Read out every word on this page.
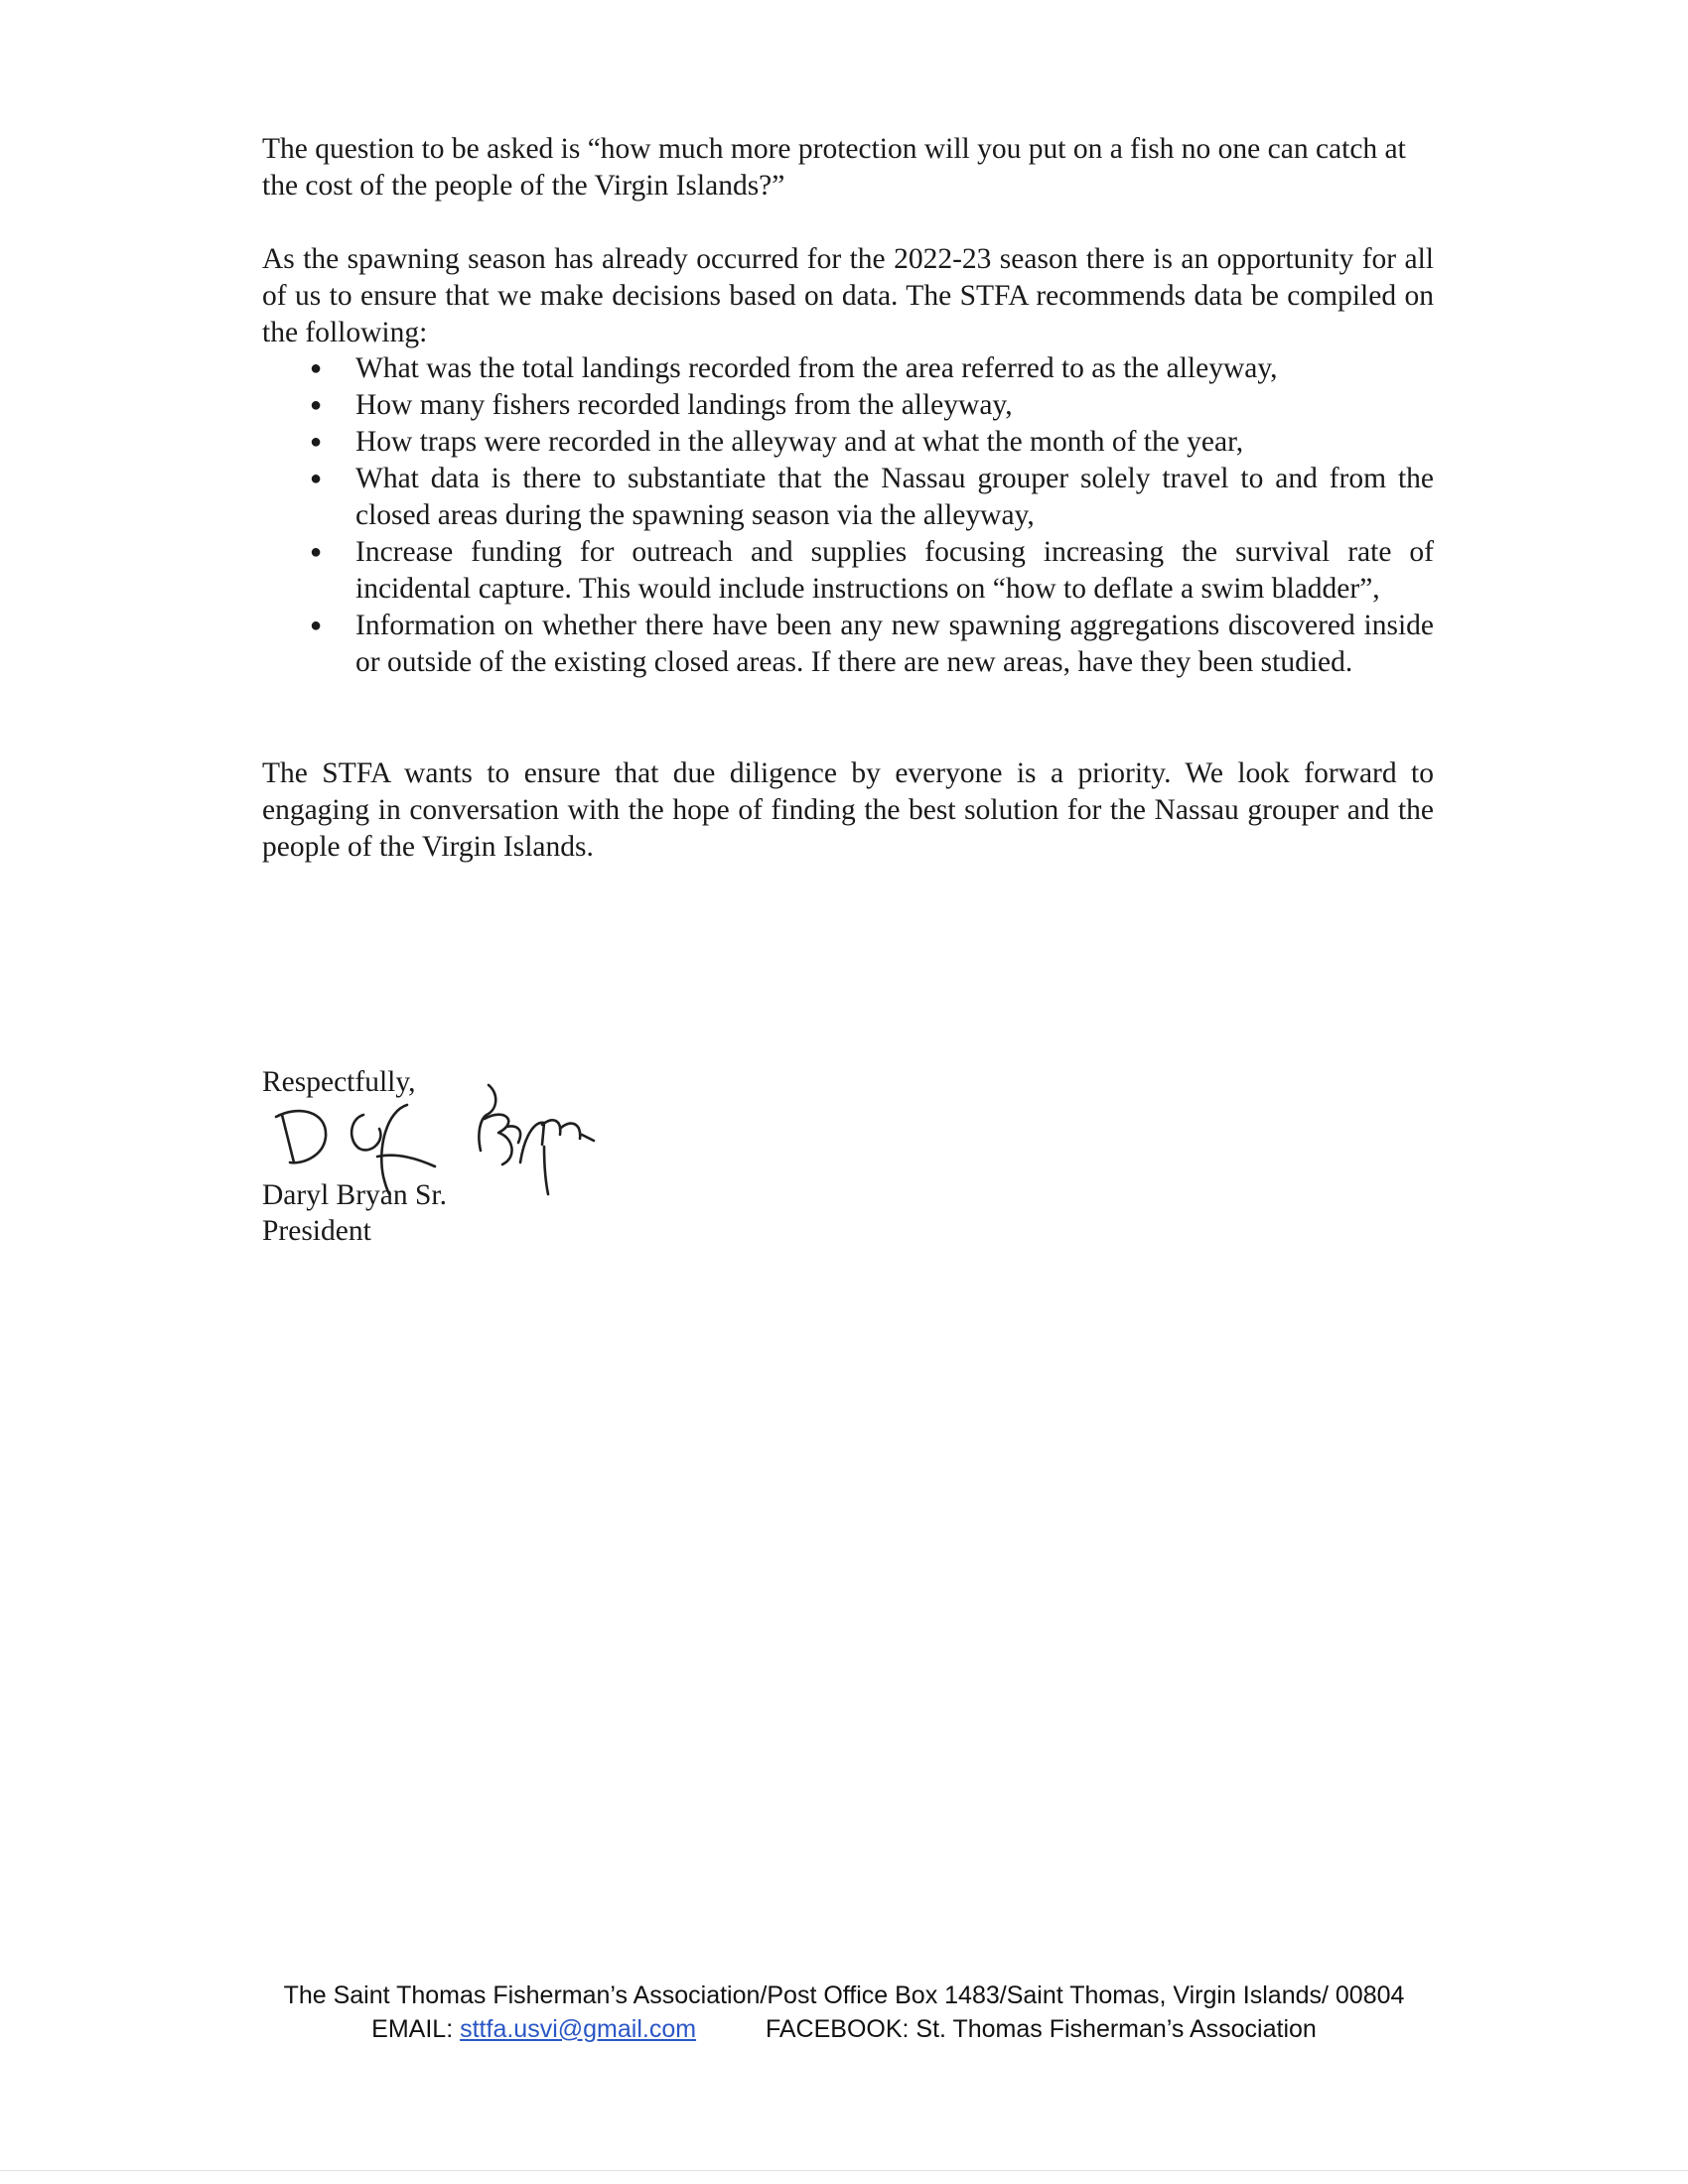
The question to be asked is “how much more protection will you put on a fish no one can catch at the cost of the people of the Virgin Islands?”

As the spawning season has already occurred for the 2022-23 season there is an opportunity for all of us to ensure that we make decisions based on data. The STFA recommends data be compiled on the following:

●	What was the total landings recorded from the area referred to as the alleyway,
●	How many fishers recorded landings from the alleyway,
●	How traps were recorded in the alleyway and at what the month of the year,
●	What data is there to substantiate that the Nassau grouper solely travel to and from the closed areas during the spawning season via the alleyway,
●	Increase funding for outreach and supplies focusing increasing the survival rate of incidental capture. This would include instructions on “how to deflate a swim bladder”,
●	Information on whether there have been any new spawning aggregations discovered inside or outside of the existing closed areas. If there are new areas, have they been studied.

The STFA wants to ensure that due diligence by everyone is a priority. We look forward to engaging in conversation with the hope of finding the best solution for the Nassau grouper and the people of the Virgin Islands.

Respectfully,
Daryl Bryan Sr.
President
The Saint Thomas Fisherman’s Association/Post Office Box 1483/Saint Thomas, Virgin Islands/ 00804
EMAIL: sttfa.usvi@gmail.com	FACEBOOK: St. Thomas Fisherman’s Association
